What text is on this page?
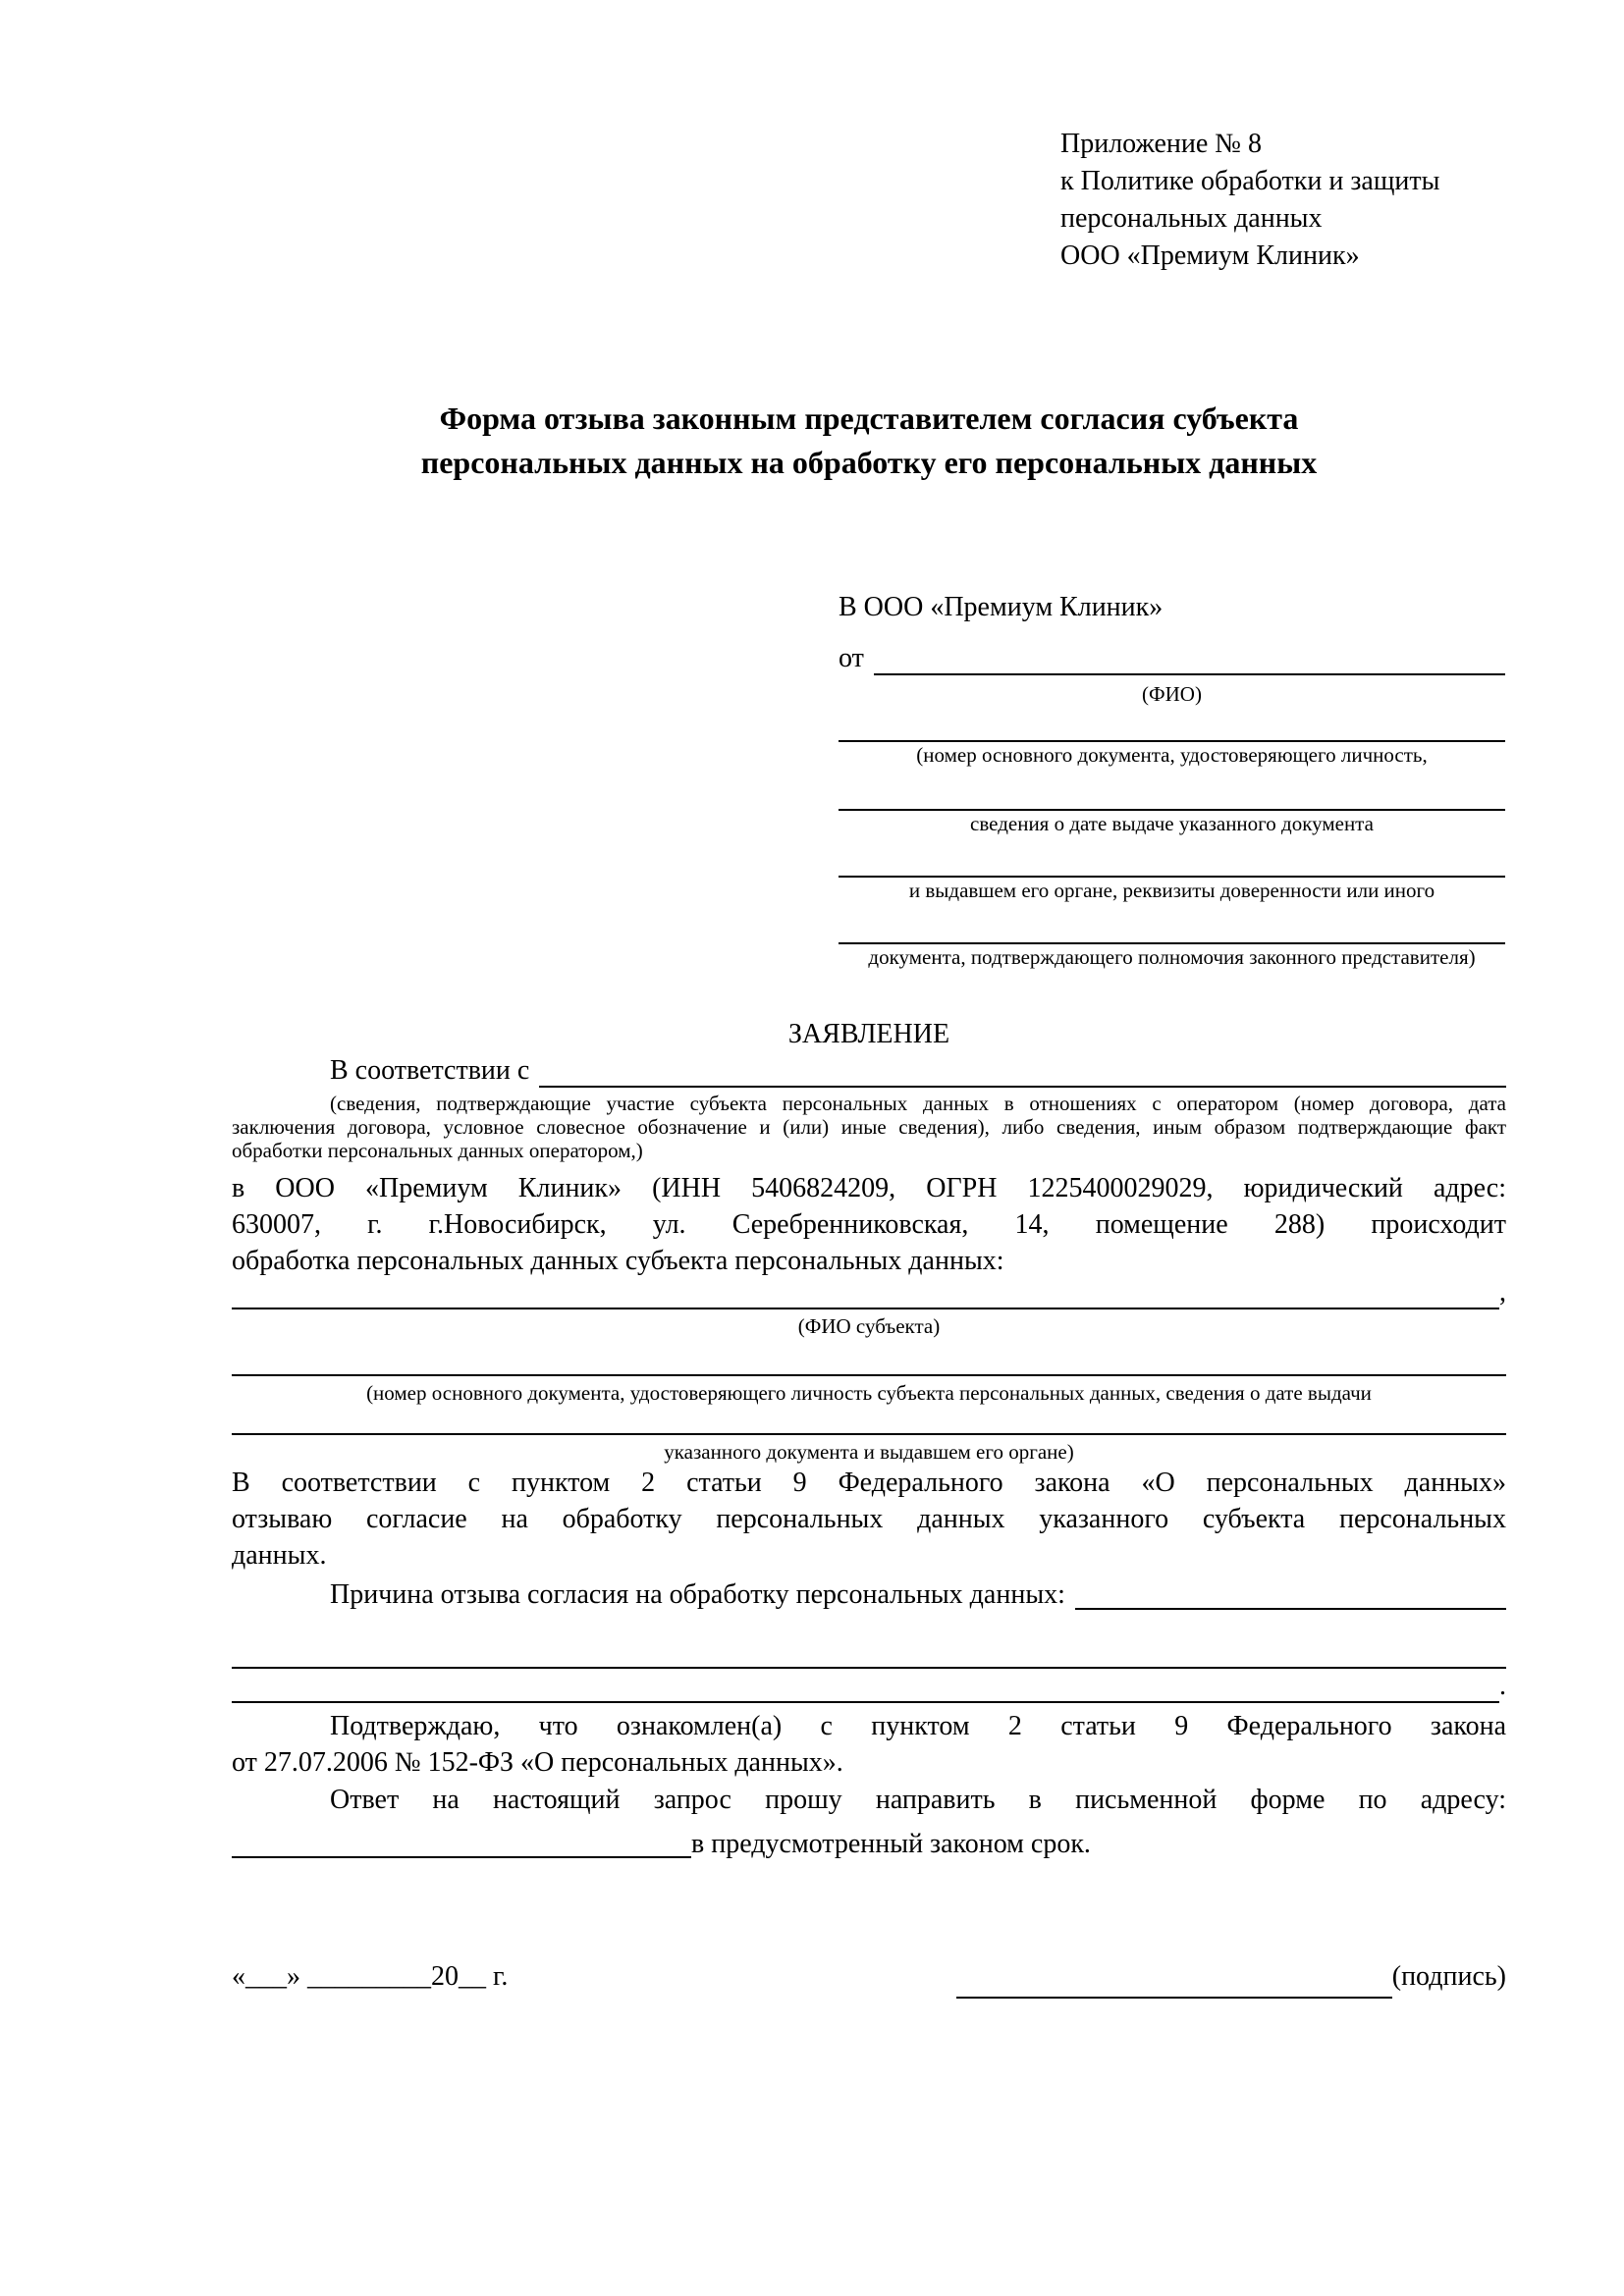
Приложение № 8
к Политике обработки и защиты
персональных данных
ООО «Премиум Клиник»
Форма отзыва законным представителем согласия субъекта
персональных данных на обработку его персональных данных
В ООО «Премиум Клиник»
от
(ФИО)
(номер основного документа, удостоверяющего личность,
сведения о дате выдаче указанного документа
и выдавшем его органе, реквизиты доверенности или иного
документа, подтверждающего полномочия законного представителя)
ЗАЯВЛЕНИЕ
В соответствии с
(сведения, подтверждающие участие субъекта персональных данных в отношениях с оператором (номер договора, дата
заключения договора, условное словесное обозначение и (или) иные сведения), либо сведения, иным образом подтверждающие факт
обработки персональных данных оператором,)
в ООО «Премиум Клиник» (ИНН 5406824209, ОГРН 1225400029029, юридический адрес:
630007, г. г.Новосибирск, ул. Серебренниковская, 14, помещение 288) происходит
обработка персональных данных субъекта персональных данных:
,
(ФИО субъекта)
(номер основного документа, удостоверяющего личность субъекта персональных данных, сведения о дате выдачи
указанного документа и выдавшем его органе)
В соответствии с пунктом 2 статьи 9 Федерального закона «О персональных данных»
отзываю согласие на обработку персональных данных указанного субъекта персональных
данных.
Причина отзыва согласия на обработку персональных данных:
.
Подтверждаю, что ознакомлен(а) с пунктом 2 статьи 9 Федерального закона
от 27.07.2006 № 152-ФЗ «О персональных данных».
Ответ на настоящий запрос прошу направить в письменной форме по адресу:
в предусмотренный законом срок.
«___» _________20__ г.	(подпись)
